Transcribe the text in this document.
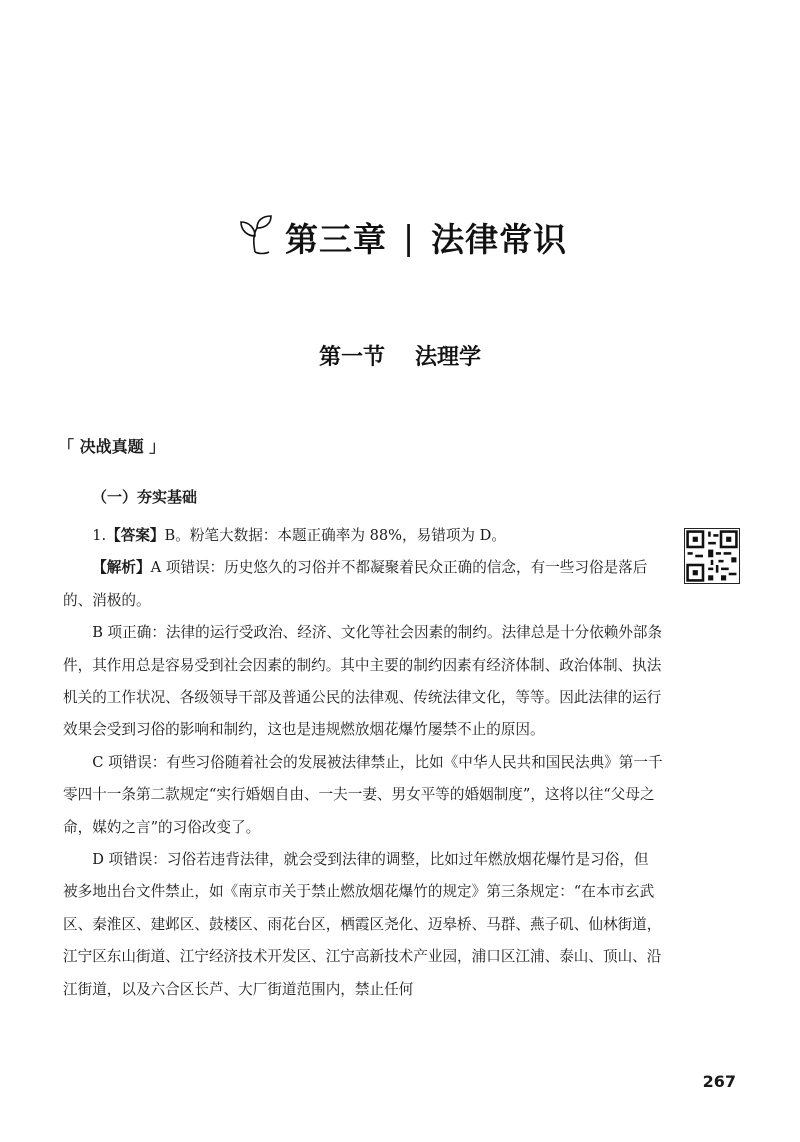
第三章 | 法律常识
第一节 法理学
「 决战真题 」
（一）夯实基础

1.【答案】B。粉笔大数据：本题正确率为 88%，易错项为 D。

【解析】A 项错误：历史悠久的习俗并不都凝聚着民众正确的信念，有一些习俗是落后的、消极的。

B 项正确：法律的运行受政治、经济、文化等社会因素的制约。法律总是十分依赖外部条件，其作用总是容易受到社会因素的制约。其中主要的制约因素有经济体制、政治体制、执法机关的工作状况、各级领导干部及普通公民的法律观、传统法律文化，等等。因此法律的运行效果会受到习俗的影响和制约，这也是违规燃放烟花爆竹屡禁不止的原因。

C 项错误：有些习俗随着社会的发展被法律禁止，比如《中华人民共和国民法典》第一千零四十一条第二款规定“实行婚姻自由、一夫一妻、男女平等的婚姻制度”，这将以往“父母之命，媒妁之言”的习俗改变了。

D 项错误：习俗若违背法律，就会受到法律的调整，比如过年燃放烟花爆竹是习俗，但被多地出台文件禁止，如《南京市关于禁止燃放烟花爆竹的规定》第三条规定：“在本市玄武区、秦淮区、建邺区、鼓楼区、雨花台区，栖霞区尧化、迈皋桥、马群、燕子矶、仙林街道，江宁区东山街道、江宁经济技术开发区、江宁高新技术产业园，浦口区江浦、泰山、顶山、沿江街道，以及六合区长芦、大厂街道范围内，禁止任何

267
